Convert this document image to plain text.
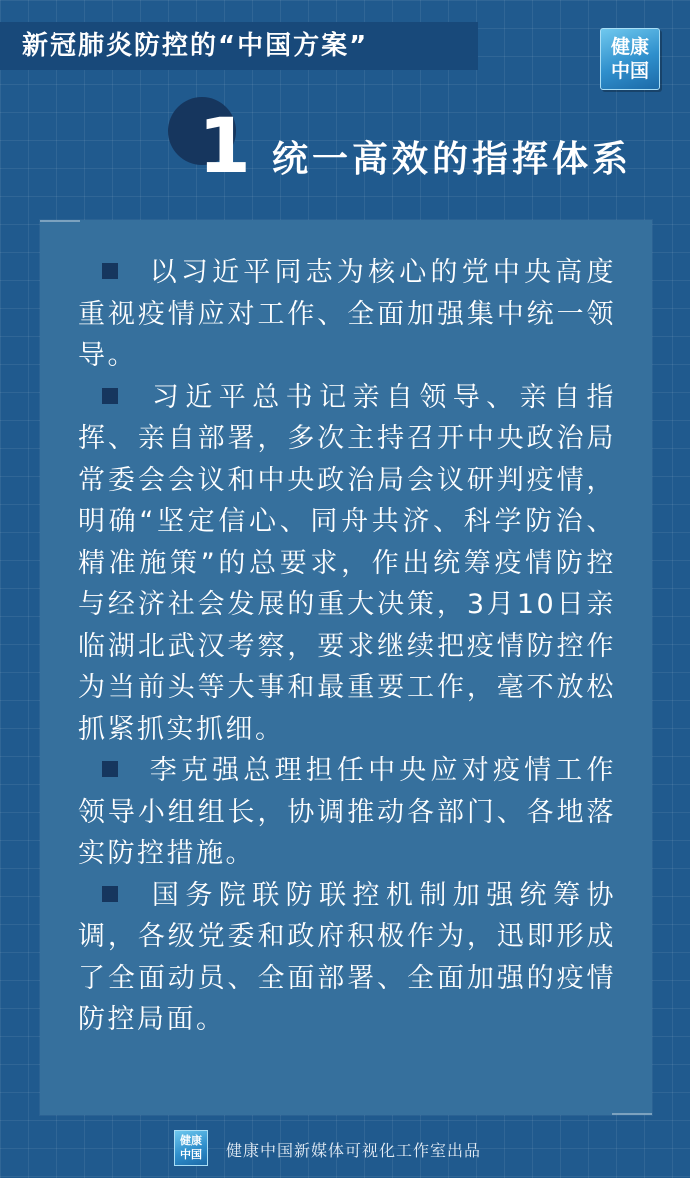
新冠肺炎防控的“中国方案”	健康
中国
1 统一高效的指挥体系

以习近平同志为核心的党中央高度重视疫情应对工作、全面加强集中统一领导。

习近平总书记亲自领导、亲自指挥、亲自部署，多次主持召开中央政治局常委会会议和中央政治局会议研判疫情，明确“坚定信心、同舟共济、科学防治、精准施策”的总要求，作出统筹疫情防控与经济社会发展的重大决策，3月10日亲临湖北武汉考察，要求继续把疫情防控作为当前头等大事和最重要工作，毫不放松抓紧抓实抓细。

李克强总理担任中央应对疫情工作领导小组组长，协调推动各部门、各地落实防控措施。

国务院联防联控机制加强统筹协调，各级党委和政府积极作为，迅即形成了全面动员、全面部署、全面加强的疫情防控局面。

健康
中国	健康中国新媒体可视化工作室出品
